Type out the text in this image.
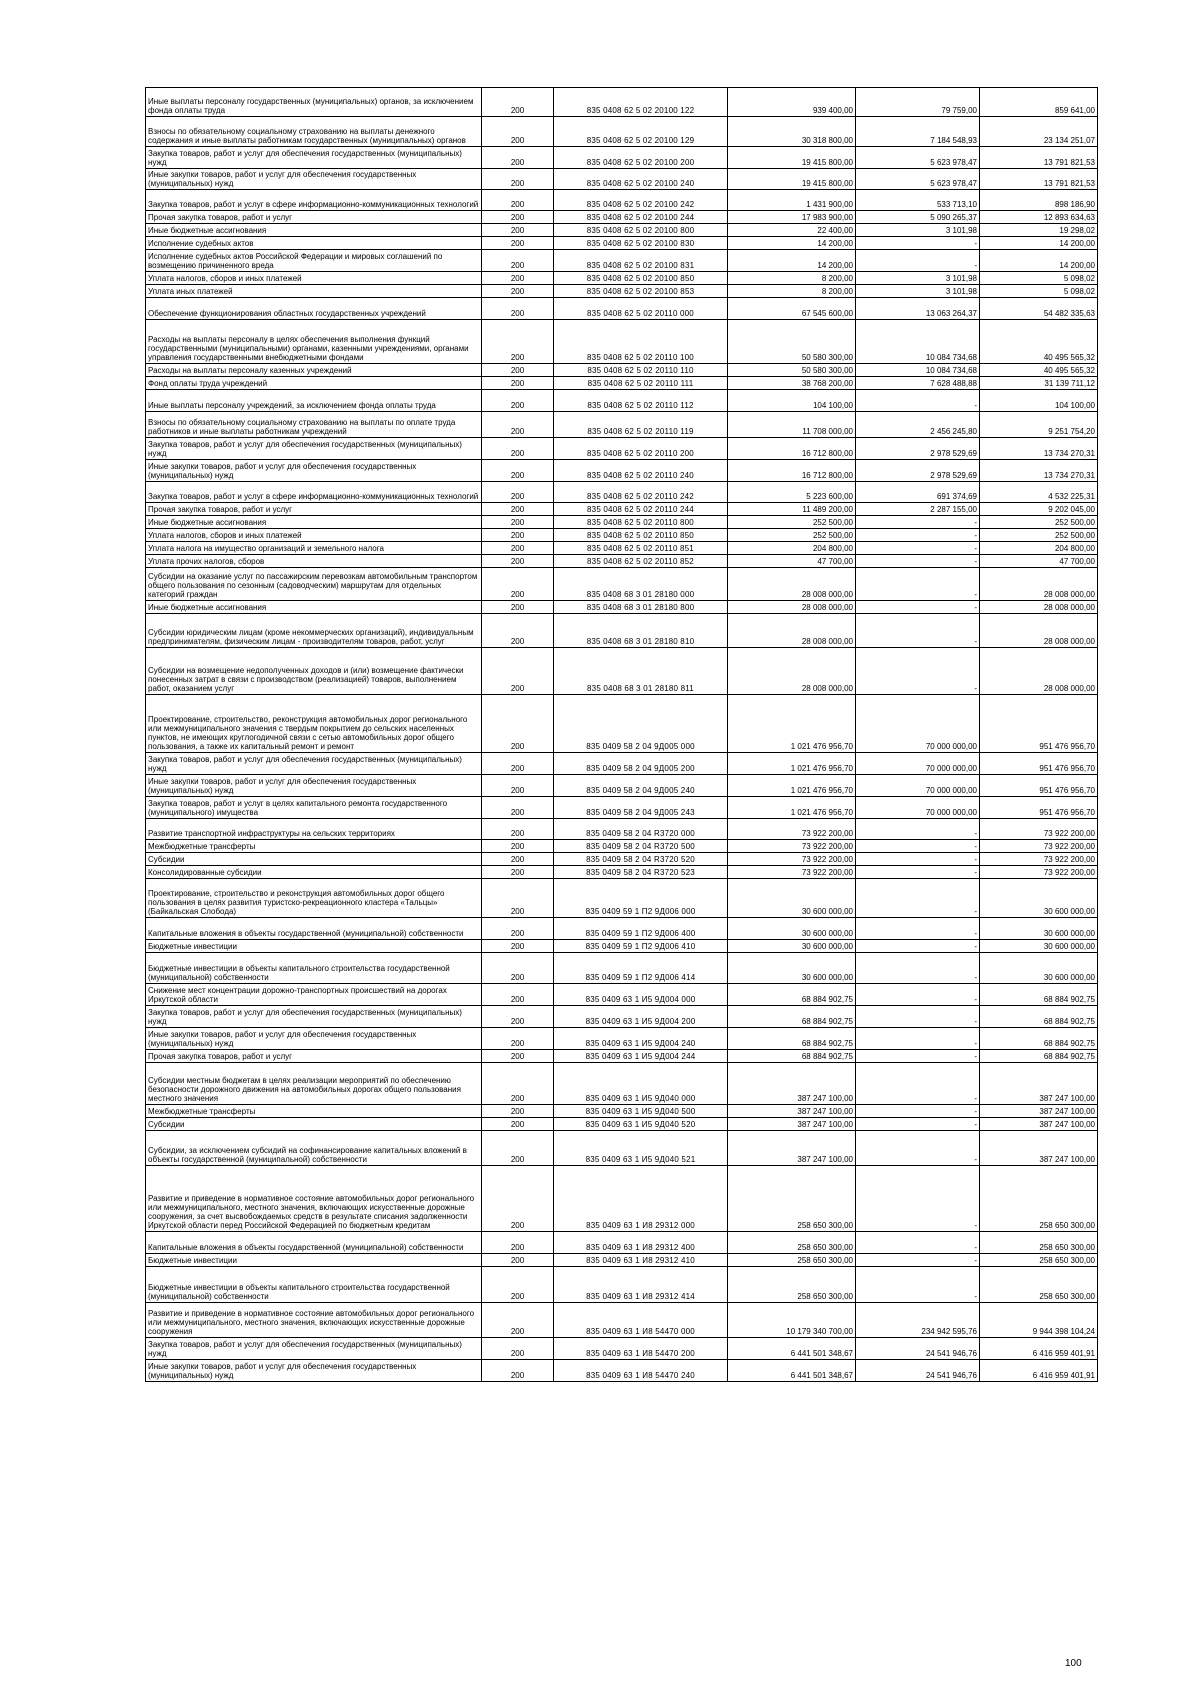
Иные выплаты персоналу государственных (муниципальных) органов, за исключением фонда оплаты труда	200	835 0408 62 5 02 20100 122	939 400,00	79 759,00	859 641,00
Взносы по обязательному социальному страхованию на выплаты денежного содержания и иные выплаты работникам государственных (муниципальных) органов	200	835 0408 62 5 02 20100 129	30 318 800,00	7 184 548,93	23 134 251,07
Закупка товаров, работ и услуг для обеспечения государственных (муниципальных) нужд	200	835 0408 62 5 02 20100 200	19 415 800,00	5 623 978,47	13 791 821,53
Иные закупки товаров, работ и услуг для обеспечения государственных (муниципальных) нужд	200	835 0408 62 5 02 20100 240	19 415 800,00	5 623 978,47	13 791 821,53
Закупка товаров, работ и услуг в сфере информационно-коммуникационных технологий	200	835 0408 62 5 02 20100 242	1 431 900,00	533 713,10	898 186,90
Прочая закупка товаров, работ и услуг	200	835 0408 62 5 02 20100 244	17 983 900,00	5 090 265,37	12 893 634,63
Иные бюджетные ассигнования	200	835 0408 62 5 02 20100 800	22 400,00	3 101,98	19 298,02
Исполнение судебных актов	200	835 0408 62 5 02 20100 830	14 200,00	-	14 200,00
Исполнение судебных актов Российской Федерации и мировых соглашений по возмещению причиненного вреда	200	835 0408 62 5 02 20100 831	14 200,00	-	14 200,00
Уплата налогов, сборов и иных платежей	200	835 0408 62 5 02 20100 850	8 200,00	3 101,98	5 098,02
Уплата иных платежей	200	835 0408 62 5 02 20100 853	8 200,00	3 101,98	5 098,02
Обеспечение функционирования областных государственных учреждений	200	835 0408 62 5 02 20110 000	67 545 600,00	13 063 264,37	54 482 335,63
Расходы на выплаты персоналу в целях обеспечения выполнения функций государственными (муниципальными) органами, казенными учреждениями, органами управления государственными внебюджетными фондами	200	835 0408 62 5 02 20110 100	50 580 300,00	10 084 734,68	40 495 565,32
Расходы на выплаты персоналу казенных учреждений	200	835 0408 62 5 02 20110 110	50 580 300,00	10 084 734,68	40 495 565,32
Фонд оплаты труда учреждений	200	835 0408 62 5 02 20110 111	38 768 200,00	7 628 488,88	31 139 711,12
Иные выплаты персоналу учреждений, за исключением фонда оплаты труда	200	835 0408 62 5 02 20110 112	104 100,00	-	104 100,00
Взносы по обязательному социальному страхованию на выплаты по оплате труда работников и иные выплаты работникам учреждений	200	835 0408 62 5 02 20110 119	11 708 000,00	2 456 245,80	9 251 754,20
Закупка товаров, работ и услуг для обеспечения государственных (муниципальных) нужд	200	835 0408 62 5 02 20110 200	16 712 800,00	2 978 529,69	13 734 270,31
Иные закупки товаров, работ и услуг для обеспечения государственных (муниципальных) нужд	200	835 0408 62 5 02 20110 240	16 712 800,00	2 978 529,69	13 734 270,31
Закупка товаров, работ и услуг в сфере информационно-коммуникационных технологий	200	835 0408 62 5 02 20110 242	5 223 600,00	691 374,69	4 532 225,31
Прочая закупка товаров, работ и услуг	200	835 0408 62 5 02 20110 244	11 489 200,00	2 287 155,00	9 202 045,00
Иные бюджетные ассигнования	200	835 0408 62 5 02 20110 800	252 500,00	-	252 500,00
Уплата налогов, сборов и иных платежей	200	835 0408 62 5 02 20110 850	252 500,00	-	252 500,00
Уплата налога на имущество организаций и земельного налога	200	835 0408 62 5 02 20110 851	204 800,00	-	204 800,00
Уплата прочих налогов, сборов	200	835 0408 62 5 02 20110 852	47 700,00	-	47 700,00
Субсидии на оказание услуг по пассажирским перевозкам автомобильным транспортом общего пользования по сезонным (садоводческим) маршрутам для отдельных категорий граждан	200	835 0408 68 3 01 28180 000	28 008 000,00	-	28 008 000,00
Иные бюджетные ассигнования	200	835 0408 68 3 01 28180 800	28 008 000,00	-	28 008 000,00
Субсидии юридическим лицам (кроме некоммерческих организаций), индивидуальным предпринимателям, физическим лицам - производителям товаров, работ, услуг	200	835 0408 68 3 01 28180 810	28 008 000,00	-	28 008 000,00
Субсидии на возмещение недополученных доходов и (или) возмещение фактически понесенных затрат в связи с производством (реализацией) товаров, выполнением работ, оказанием услуг	200	835 0408 68 3 01 28180 811	28 008 000,00	-	28 008 000,00
Проектирование, строительство, реконструкция автомобильных дорог регионального или межмуниципального значения с твердым покрытием до сельских населенных пунктов, не имеющих круглогодичной связи с сетью автомобильных дорог общего пользования, а также их капитальный ремонт и ремонт	200	835 0409 58 2 04 9Д005 000	1 021 476 956,70	70 000 000,00	951 476 956,70
Закупка товаров, работ и услуг для обеспечения государственных (муниципальных) нужд	200	835 0409 58 2 04 9Д005 200	1 021 476 956,70	70 000 000,00	951 476 956,70
Иные закупки товаров, работ и услуг для обеспечения государственных (муниципальных) нужд	200	835 0409 58 2 04 9Д005 240	1 021 476 956,70	70 000 000,00	951 476 956,70
Закупка товаров, работ и услуг в целях капитального ремонта государственного (муниципального) имущества	200	835 0409 58 2 04 9Д005 243	1 021 476 956,70	70 000 000,00	951 476 956,70
Развитие транспортной инфраструктуры на сельских территориях	200	835 0409 58 2 04 R3720 000	73 922 200,00	-	73 922 200,00
Межбюджетные трансферты	200	835 0409 58 2 04 R3720 500	73 922 200,00	-	73 922 200,00
Субсидии	200	835 0409 58 2 04 R3720 520	73 922 200,00	-	73 922 200,00
Консолидированные субсидии	200	835 0409 58 2 04 R3720 523	73 922 200,00	-	73 922 200,00
Проектирование, строительство и реконструкция автомобильных дорог общего пользования в целях развития туристско-рекреационного кластера «Тальцы» (Байкальская Слобода)	200	835 0409 59 1 П2 9Д006 000	30 600 000,00	-	30 600 000,00
Капитальные вложения в объекты государственной (муниципальной) собственности	200	835 0409 59 1 П2 9Д006 400	30 600 000,00	-	30 600 000,00
Бюджетные инвестиции	200	835 0409 59 1 П2 9Д006 410	30 600 000,00	-	30 600 000,00
Бюджетные инвестиции в объекты капитального строительства государственной (муниципальной) собственности	200	835 0409 59 1 П2 9Д006 414	30 600 000,00	-	30 600 000,00
Снижение мест концентрации дорожно-транспортных происшествий на дорогах Иркутской области	200	835 0409 63 1 И5 9Д004 000	68 884 902,75	-	68 884 902,75
Закупка товаров, работ и услуг для обеспечения государственных (муниципальных) нужд	200	835 0409 63 1 И5 9Д004 200	68 884 902,75	-	68 884 902,75
Иные закупки товаров, работ и услуг для обеспечения государственных (муниципальных) нужд	200	835 0409 63 1 И5 9Д004 240	68 884 902,75	-	68 884 902,75
Прочая закупка товаров, работ и услуг	200	835 0409 63 1 И5 9Д004 244	68 884 902,75	-	68 884 902,75
Субсидии местным бюджетам в целях реализации мероприятий по обеспечению безопасности дорожного движения на автомобильных дорогах общего пользования местного значения	200	835 0409 63 1 И5 9Д040 000	387 247 100,00	-	387 247 100,00
Межбюджетные трансферты	200	835 0409 63 1 И5 9Д040 500	387 247 100,00	-	387 247 100,00
Субсидии	200	835 0409 63 1 И5 9Д040 520	387 247 100,00	-	387 247 100,00
Субсидии, за исключением субсидий на софинансирование капитальных вложений в объекты государственной (муниципальной) собственности	200	835 0409 63 1 И5 9Д040 521	387 247 100,00	-	387 247 100,00
Развитие и приведение в нормативное состояние автомобильных дорог регионального или межмуниципального, местного значения, включающих искусственные дорожные сооружения, за счет высвобождаемых средств в результате списания задолженности Иркутской области перед Российской Федерацией по бюджетным кредитам	200	835 0409 63 1 И8 29312 000	258 650 300,00	-	258 650 300,00
Капитальные вложения в объекты государственной (муниципальной) собственности	200	835 0409 63 1 И8 29312 400	258 650 300,00	-	258 650 300,00
Бюджетные инвестиции	200	835 0409 63 1 И8 29312 410	258 650 300,00	-	258 650 300,00
Бюджетные инвестиции в объекты капитального строительства государственной (муниципальной) собственности	200	835 0409 63 1 И8 29312 414	258 650 300,00	-	258 650 300,00
Развитие и приведение в нормативное состояние автомобильных дорог регионального или межмуниципального, местного значения, включающих искусственные дорожные сооружения	200	835 0409 63 1 И8 54470 000	10 179 340 700,00	234 942 595,76	9 944 398 104,24
Закупка товаров, работ и услуг для обеспечения государственных (муниципальных) нужд	200	835 0409 63 1 И8 54470 200	6 441 501 348,67	24 541 946,76	6 416 959 401,91
Иные закупки товаров, работ и услуг для обеспечения государственных (муниципальных) нужд	200	835 0409 63 1 И8 54470 240	6 441 501 348,67	24 541 946,76	6 416 959 401,91
100
